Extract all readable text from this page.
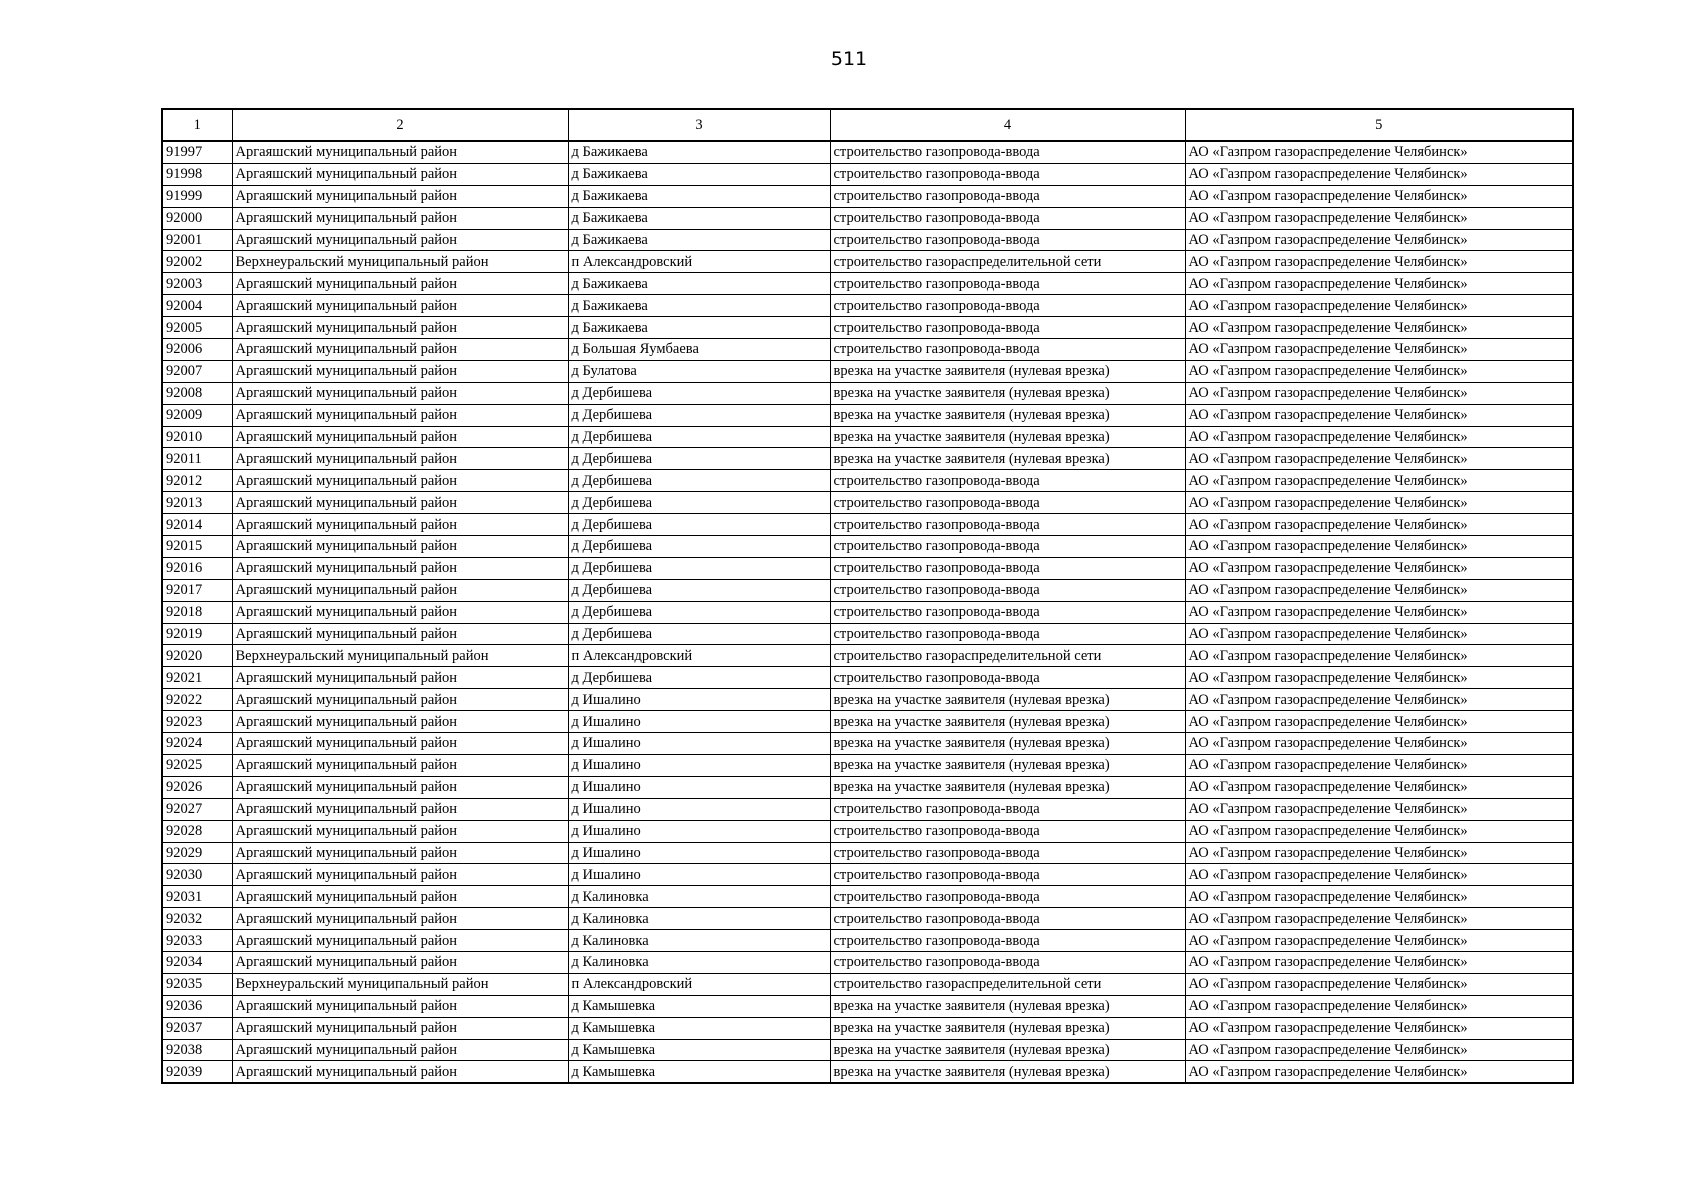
511
1	2	3	4	5
91997	Аргаяшский муниципальный район	д Бажикаева	строительство газопровода-ввода	АО «Газпром газораспределение Челябинск»
91998	Аргаяшский муниципальный район	д Бажикаева	строительство газопровода-ввода	АО «Газпром газораспределение Челябинск»
91999	Аргаяшский муниципальный район	д Бажикаева	строительство газопровода-ввода	АО «Газпром газораспределение Челябинск»
92000	Аргаяшский муниципальный район	д Бажикаева	строительство газопровода-ввода	АО «Газпром газораспределение Челябинск»
92001	Аргаяшский муниципальный район	д Бажикаева	строительство газопровода-ввода	АО «Газпром газораспределение Челябинск»
92002	Верхнеуральский муниципальный район	п Александровский	строительство газораспределительной сети	АО «Газпром газораспределение Челябинск»
92003	Аргаяшский муниципальный район	д Бажикаева	строительство газопровода-ввода	АО «Газпром газораспределение Челябинск»
92004	Аргаяшский муниципальный район	д Бажикаева	строительство газопровода-ввода	АО «Газпром газораспределение Челябинск»
92005	Аргаяшский муниципальный район	д Бажикаева	строительство газопровода-ввода	АО «Газпром газораспределение Челябинск»
92006	Аргаяшский муниципальный район	д Большая Яумбаева	строительство газопровода-ввода	АО «Газпром газораспределение Челябинск»
92007	Аргаяшский муниципальный район	д Булатова	врезка на участке заявителя (нулевая врезка)	АО «Газпром газораспределение Челябинск»
92008	Аргаяшский муниципальный район	д Дербишева	врезка на участке заявителя (нулевая врезка)	АО «Газпром газораспределение Челябинск»
92009	Аргаяшский муниципальный район	д Дербишева	врезка на участке заявителя (нулевая врезка)	АО «Газпром газораспределение Челябинск»
92010	Аргаяшский муниципальный район	д Дербишева	врезка на участке заявителя (нулевая врезка)	АО «Газпром газораспределение Челябинск»
92011	Аргаяшский муниципальный район	д Дербишева	врезка на участке заявителя (нулевая врезка)	АО «Газпром газораспределение Челябинск»
92012	Аргаяшский муниципальный район	д Дербишева	строительство газопровода-ввода	АО «Газпром газораспределение Челябинск»
92013	Аргаяшский муниципальный район	д Дербишева	строительство газопровода-ввода	АО «Газпром газораспределение Челябинск»
92014	Аргаяшский муниципальный район	д Дербишева	строительство газопровода-ввода	АО «Газпром газораспределение Челябинск»
92015	Аргаяшский муниципальный район	д Дербишева	строительство газопровода-ввода	АО «Газпром газораспределение Челябинск»
92016	Аргаяшский муниципальный район	д Дербишева	строительство газопровода-ввода	АО «Газпром газораспределение Челябинск»
92017	Аргаяшский муниципальный район	д Дербишева	строительство газопровода-ввода	АО «Газпром газораспределение Челябинск»
92018	Аргаяшский муниципальный район	д Дербишева	строительство газопровода-ввода	АО «Газпром газораспределение Челябинск»
92019	Аргаяшский муниципальный район	д Дербишева	строительство газопровода-ввода	АО «Газпром газораспределение Челябинск»
92020	Верхнеуральский муниципальный район	п Александровский	строительство газораспределительной сети	АО «Газпром газораспределение Челябинск»
92021	Аргаяшский муниципальный район	д Дербишева	строительство газопровода-ввода	АО «Газпром газораспределение Челябинск»
92022	Аргаяшский муниципальный район	д Ишалино	врезка на участке заявителя (нулевая врезка)	АО «Газпром газораспределение Челябинск»
92023	Аргаяшский муниципальный район	д Ишалино	врезка на участке заявителя (нулевая врезка)	АО «Газпром газораспределение Челябинск»
92024	Аргаяшский муниципальный район	д Ишалино	врезка на участке заявителя (нулевая врезка)	АО «Газпром газораспределение Челябинск»
92025	Аргаяшский муниципальный район	д Ишалино	врезка на участке заявителя (нулевая врезка)	АО «Газпром газораспределение Челябинск»
92026	Аргаяшский муниципальный район	д Ишалино	врезка на участке заявителя (нулевая врезка)	АО «Газпром газораспределение Челябинск»
92027	Аргаяшский муниципальный район	д Ишалино	строительство газопровода-ввода	АО «Газпром газораспределение Челябинск»
92028	Аргаяшский муниципальный район	д Ишалино	строительство газопровода-ввода	АО «Газпром газораспределение Челябинск»
92029	Аргаяшский муниципальный район	д Ишалино	строительство газопровода-ввода	АО «Газпром газораспределение Челябинск»
92030	Аргаяшский муниципальный район	д Ишалино	строительство газопровода-ввода	АО «Газпром газораспределение Челябинск»
92031	Аргаяшский муниципальный район	д Калиновка	строительство газопровода-ввода	АО «Газпром газораспределение Челябинск»
92032	Аргаяшский муниципальный район	д Калиновка	строительство газопровода-ввода	АО «Газпром газораспределение Челябинск»
92033	Аргаяшский муниципальный район	д Калиновка	строительство газопровода-ввода	АО «Газпром газораспределение Челябинск»
92034	Аргаяшский муниципальный район	д Калиновка	строительство газопровода-ввода	АО «Газпром газораспределение Челябинск»
92035	Верхнеуральский муниципальный район	п Александровский	строительство газораспределительной сети	АО «Газпром газораспределение Челябинск»
92036	Аргаяшский муниципальный район	д Камышевка	врезка на участке заявителя (нулевая врезка)	АО «Газпром газораспределение Челябинск»
92037	Аргаяшский муниципальный район	д Камышевка	врезка на участке заявителя (нулевая врезка)	АО «Газпром газораспределение Челябинск»
92038	Аргаяшский муниципальный район	д Камышевка	врезка на участке заявителя (нулевая врезка)	АО «Газпром газораспределение Челябинск»
92039	Аргаяшский муниципальный район	д Камышевка	врезка на участке заявителя (нулевая врезка)	АО «Газпром газораспределение Челябинск»
